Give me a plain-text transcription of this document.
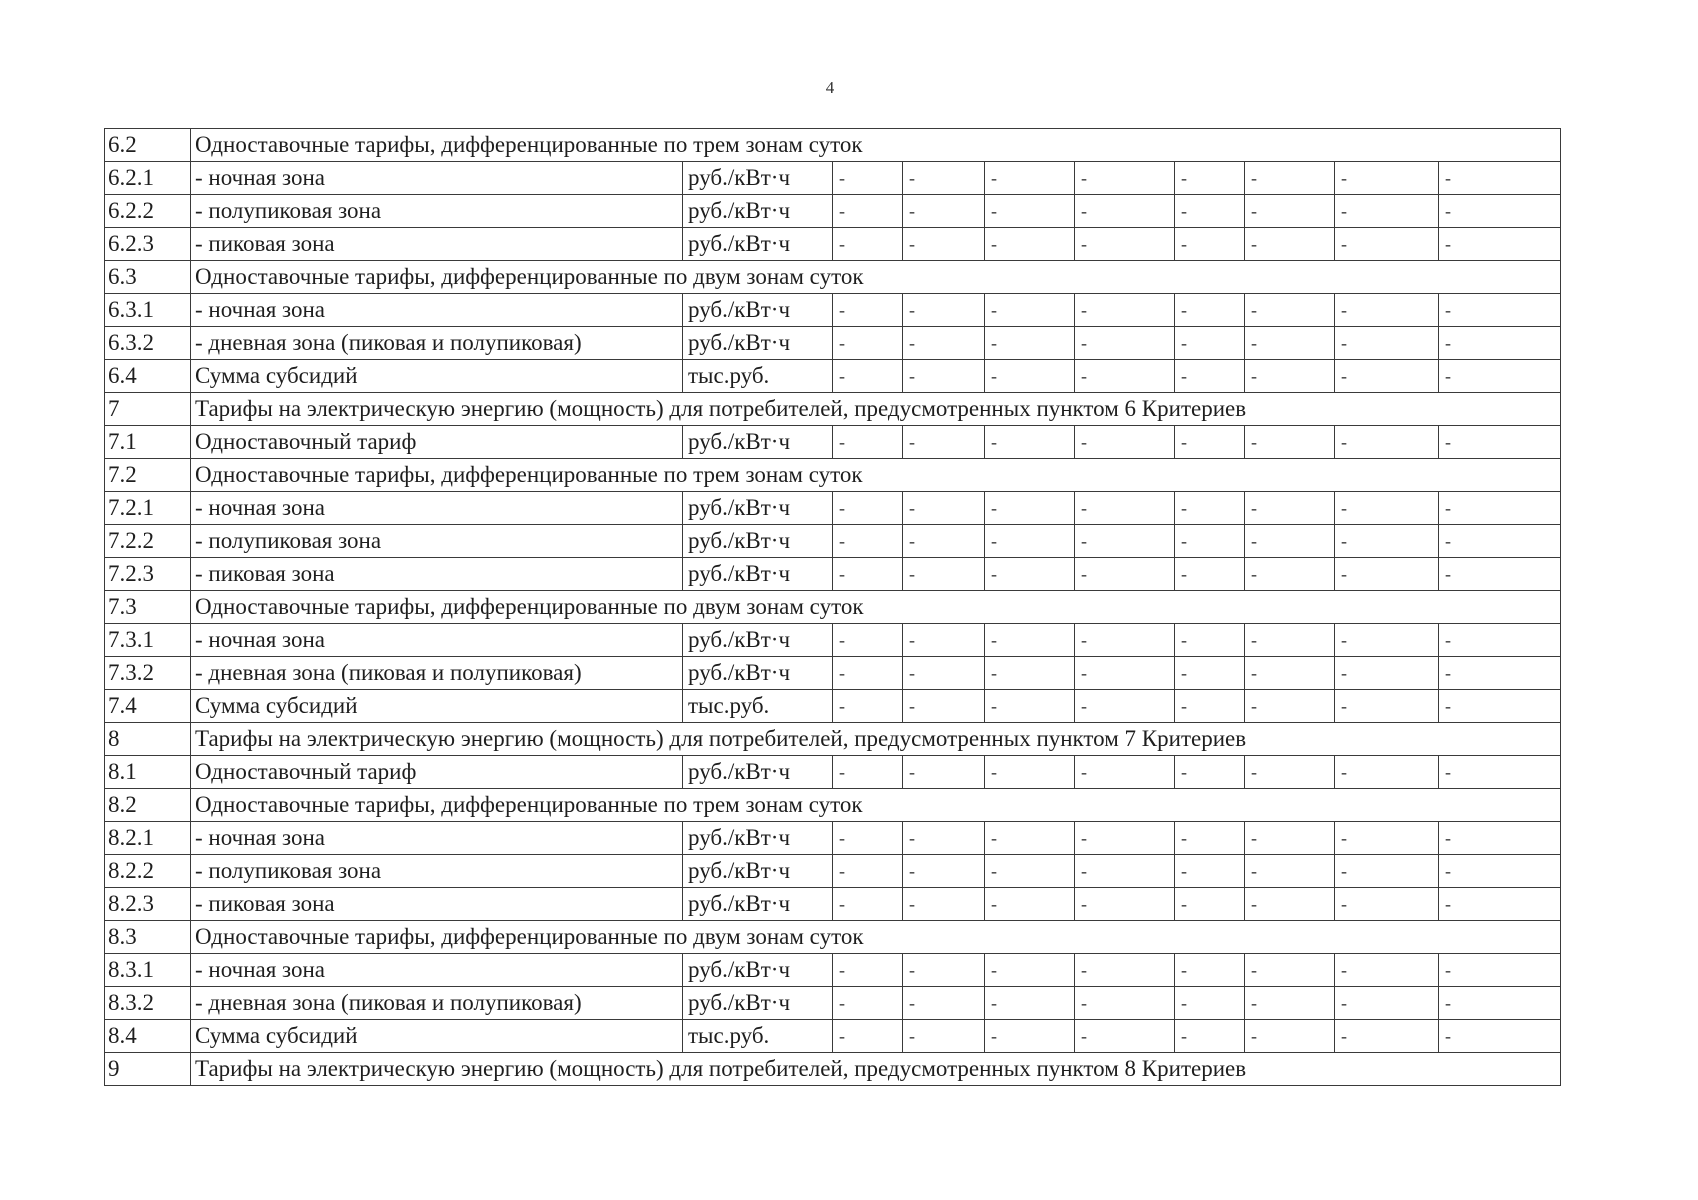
4
6.2	Одноставочные тарифы, дифференцированные по трем зонам суток									
6.2.1	- ночная зона	руб./кВт·ч	-	-	-	-	-	-	-	-
6.2.2	- полупиковая зона	руб./кВт·ч	-	-	-	-	-	-	-	-
6.2.3	- пиковая зона	руб./кВт·ч	-	-	-	-	-	-	-	-
6.3	Одноставочные тарифы, дифференцированные по двум зонам суток									
6.3.1	- ночная зона	руб./кВт·ч	-	-	-	-	-	-	-	-
6.3.2	- дневная зона (пиковая и полупиковая)	руб./кВт·ч	-	-	-	-	-	-	-	-
6.4	Сумма субсидий	тыс.руб.	-	-	-	-	-	-	-	-
7	Тарифы на электрическую энергию (мощность) для потребителей, предусмотренных пунктом 6 Критериев									
7.1	Одноставочный тариф	руб./кВт·ч	-	-	-	-	-	-	-	-
7.2	Одноставочные тарифы, дифференцированные по трем зонам суток									
7.2.1	- ночная зона	руб./кВт·ч	-	-	-	-	-	-	-	-
7.2.2	- полупиковая зона	руб./кВт·ч	-	-	-	-	-	-	-	-
7.2.3	- пиковая зона	руб./кВт·ч	-	-	-	-	-	-	-	-
7.3	Одноставочные тарифы, дифференцированные по двум зонам суток									
7.3.1	- ночная зона	руб./кВт·ч	-	-	-	-	-	-	-	-
7.3.2	- дневная зона (пиковая и полупиковая)	руб./кВт·ч	-	-	-	-	-	-	-	-
7.4	Сумма субсидий	тыс.руб.	-	-	-	-	-	-	-	-
8	Тарифы на электрическую энергию (мощность) для потребителей, предусмотренных пунктом 7 Критериев									
8.1	Одноставочный тариф	руб./кВт·ч	-	-	-	-	-	-	-	-
8.2	Одноставочные тарифы, дифференцированные по трем зонам суток									
8.2.1	- ночная зона	руб./кВт·ч	-	-	-	-	-	-	-	-
8.2.2	- полупиковая зона	руб./кВт·ч	-	-	-	-	-	-	-	-
8.2.3	- пиковая зона	руб./кВт·ч	-	-	-	-	-	-	-	-
8.3	Одноставочные тарифы, дифференцированные по двум зонам суток									
8.3.1	- ночная зона	руб./кВт·ч	-	-	-	-	-	-	-	-
8.3.2	- дневная зона (пиковая и полупиковая)	руб./кВт·ч	-	-	-	-	-	-	-	-
8.4	Сумма субсидий	тыс.руб.	-	-	-	-	-	-	-	-
9	Тарифы на электрическую энергию (мощность) для потребителей, предусмотренных пунктом 8 Критериев									
